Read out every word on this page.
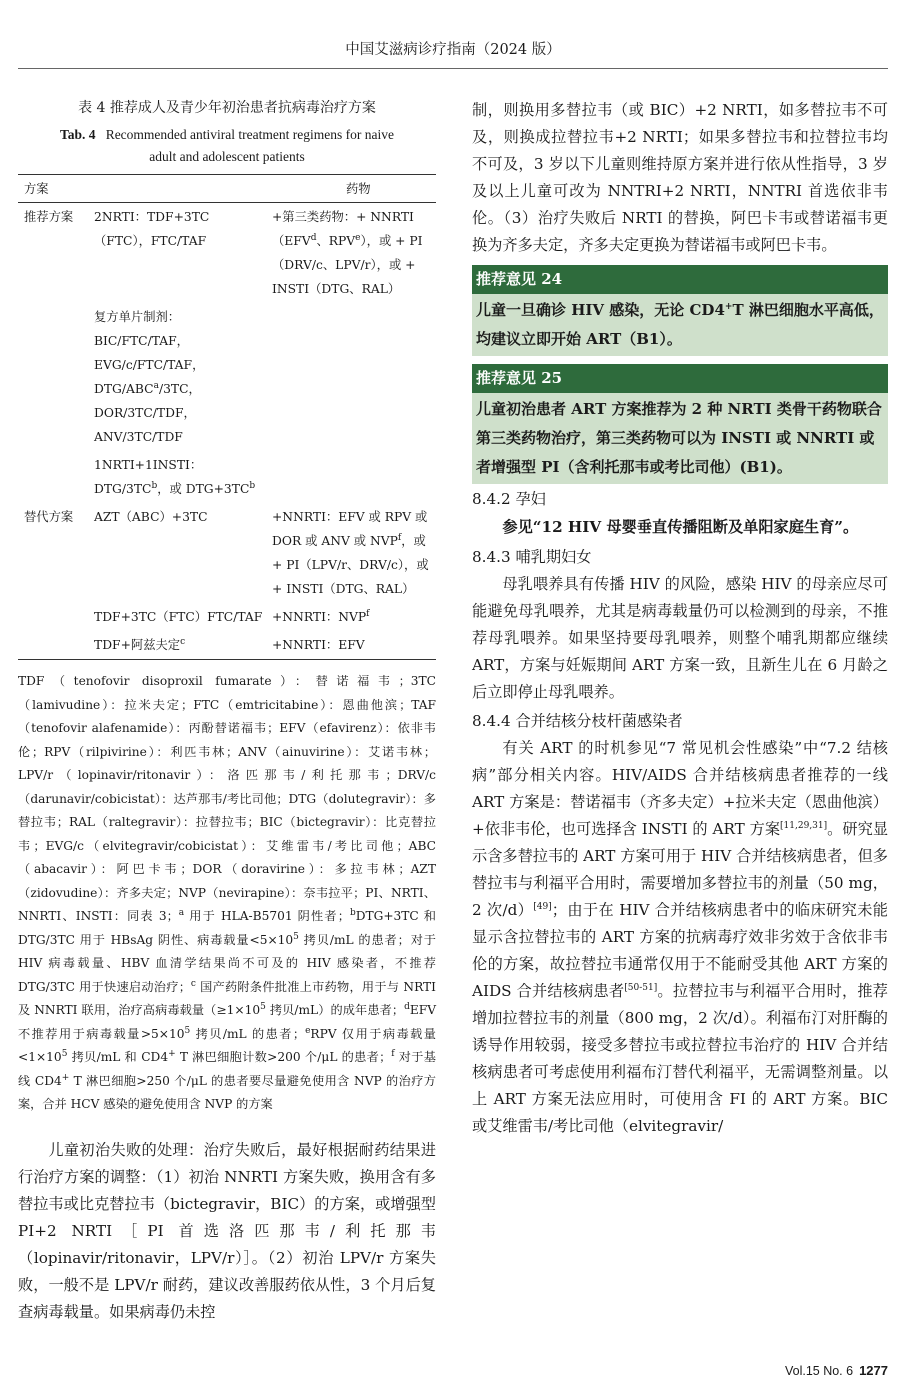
中国艾滋病诊疗指南（2024 版）
表 4 推荐成人及青少年初治患者抗病毒治疗方案
Tab. 4 Recommended antiviral treatment regimens for naive
adult and adolescent patients
方案		药物
推荐方案	2NRTI：TDF+3TC（FTC），FTC/TAF	+第三类药物：+ $NNRTI(EFV^d$、RPV$^e$），或 + PI（DRV/c、LPV/r），或 + INSTI（DTG、RAL）
	复方单片制剂：BIC/FTC/TAF，EVG/c/FTC/TAF，DTG/ABC$^a$/3TC，DOR/3TC/TDF，ANV/3TC/TDF	
	1NRTI+1INSTI：DTG/$3TC^b$，或 $DTG+3TC^b$	
替代方案	AZT（ABC）+3TC	+NNRTI：EFV 或 RPV 或 DOR 或 ANV 或 NVP$^f$，或+ PI（LPV/r、DRV/c），或+ INSTI（DTG、RAL）
	TDF+3TC（FTC）FTC/TAF	+NNRTI：NVP$^f$
	TDF+阿兹夫定$^c$	+NNRTI：EFV
TDF（tenofovir disoproxil fumarate）：替诺福韦；3TC（lamivudine）：拉米夫定；FTC（emtricitabine）：恩曲他滨；TAF（tenofovir alafenamide）：丙酚替诺福韦；EFV（efavirenz）：依非韦伦；RPV（rilpivirine）：利匹韦林；ANV（ainuvirine）：艾诺韦林；LPV/r（lopinavir/ritonavir）：洛匹那韦/利托那韦；DRV/c（darunavir/cobicistat）：达芦那韦/考比司他；DTG（dolutegravir）：多替拉韦；RAL（raltegravir）：拉替拉韦；BIC（bictegravir）：比克替拉韦；EVG/c（elvitegravir/cobicistat）：艾维雷韦/考比司他；ABC（abacavir）：阿巴卡韦；DOR（doravirine）：多拉韦林；AZT（zidovudine）：齐多夫定；NVP（nevirapine）：奈韦拉平；PI、NRTI、NNRTI、INSTI：同表 3；$^a$ 用于 HLA-B5701 阴性者；$^b$DTG+3TC 和 DTG/3TC 用于 HBsAg 阴性、病毒载量$<5\times 10^5$ 拷贝/mL 的患者；对于 HIV 病毒载量、HBV 血清学结果尚不可及的 HIV 感染者，不推荐 DTG/3TC 用于快速启动治疗；$^c$ 国产药附条件批准上市药物，用于与 NRTI 及 NNRTI 联用，治疗高病毒载量（$\ge 1\times 10^5$ 拷贝/mL）的成年患者；$^d$EFV 不推荐用于病毒载量$>5\times 10^5$ 拷贝/mL 的患者；$^e$RPV 仅用于病毒载量$<1\times 10^5$ 拷贝/mL 和 CD4+ T 淋巴细胞计数>200 个/μL 的患者；$^f$ 对于基线 CD4+ T 淋巴细胞>250 个/μL 的患者要尽量避免使用含 NVP 的治疗方案，合并 HCV 感染的避免使用含 NVP 的方案
儿童初治失败的处理：治疗失败后，最好根据耐药结果进行治疗方案的调整：（1）初治 NNRTI 方案失败，换用含有多替拉韦或比克替拉韦（bictegravir，BIC）的方案，或增强型 PI+2 NRTI［PI 首选洛匹那韦/利托那韦（lopinavir/ritonavir，LPV/r）］。（2）初治 LPV/r 方案失败，一般不是 LPV/r 耐药，建议改善服药依从性，3 个月后复查病毒载量。如果病毒仍未控
制，则换用多替拉韦（或 BIC）+2 NRTI，如多替拉韦不可及，则换成拉替拉韦+2 NRTI；如果多替拉韦和拉替拉韦均不可及，3 岁以下儿童则维持原方案并进行依从性指导，3 岁及以上儿童可改为 NNTRI+2 NRTI，NNTRI 首选依非韦伦。（3）治疗失败后 NRTI 的替换，阿巴卡韦或替诺福韦更换为齐多夫定，齐多夫定更换为替诺福韦或阿巴卡韦。
推荐意见 24
儿童一旦确诊 HIV 感染，无论 CD4+T 淋巴细胞水平高低，均建议立即开始 ART（B1）。
推荐意见 25
儿童初治患者 ART 方案推荐为 2 种 NRTI 类骨干药物联合第三类药物治疗，第三类药物可以为 INSTI 或 NNRTI 或者增强型 PI（含利托那韦或考比司他）(B1)。
8.4.2 孕妇
参见“12 HIV 母婴垂直传播阻断及单阳家庭生育”。
8.4.3 哺乳期妇女
母乳喂养具有传播 HIV 的风险，感染 HIV 的母亲应尽可能避免母乳喂养，尤其是病毒载量仍可以检测到的母亲，不推荐母乳喂养。如果坚持要母乳喂养，则整个哺乳期都应继续 ART，方案与妊娠期间 ART 方案一致，且新生儿在 6 月龄之后立即停止母乳喂养。
8.4.4 合并结核分枝杆菌感染者
有关 ART 的时机参见“7 常见机会性感染”中“7.2 结核病”部分相关内容。HIV/AIDS 合并结核病患者推荐的一线 ART 方案是：替诺福韦（齐多夫定）+拉米夫定（恩曲他滨）+依非韦伦，也可选择含 INSTI 的 ART 方案[11,29,31]。研究显示含多替拉韦的 ART 方案可用于 HIV 合并结核病患者，但多替拉韦与利福平合用时，需要增加多替拉韦的剂量（50 mg，2 次/d）[49]；由于在 HIV 合并结核病患者中的临床研究未能显示含拉替拉韦的 ART 方案的抗病毒疗效非劣效于含依非韦伦的方案，故拉替拉韦通常仅用于不能耐受其他 ART 方案的 AIDS 合并结核病患者[50-51]。拉替拉韦与利福平合用时，推荐增加拉替拉韦的剂量（800 mg，2 次/d）。利福布汀对肝酶的诱导作用较弱，接受多替拉韦或拉替拉韦治疗的 HIV 合并结核病患者可考虑使用利福布汀替代利福平，无需调整剂量。以上 ART 方案无法应用时，可使用含 FI 的 ART 方案。BIC 或艾维雷韦/考比司他（elvitegravir/
Vol.15 No. 6 1277
